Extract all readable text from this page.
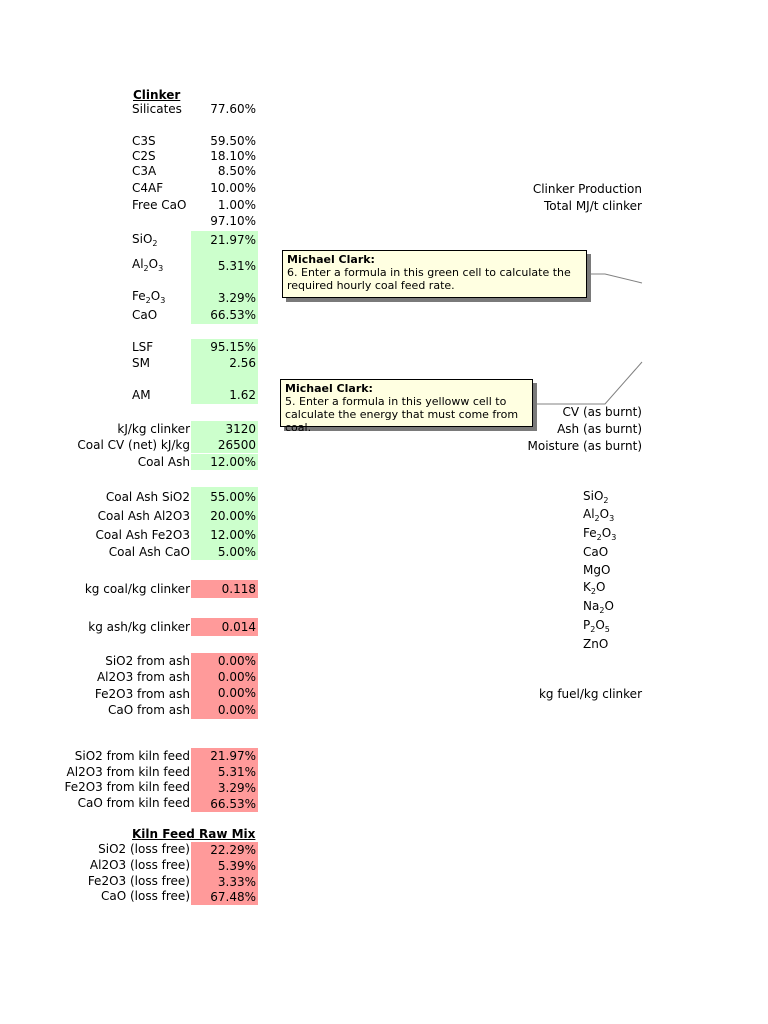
Clinker
Silicates	77.60%
C3S	59.50%
C2S	18.10%
C3A	8.50%
C4AF	10.00%
Free CaO	1.00%
97.10%
SiO$_2$	21.97%
$Al_2O_3$	5.31%
$Fe_2O_3$	3.29%
CaO	66.53%
LSF	95.15%
SM	2.56
AM	1.62
kJ/kg clinker	3120
Coal CV (net) kJ/kg	26500
Coal Ash	12.00%
Coal Ash SiO2	55.00%
Coal Ash Al2O3	20.00%
Coal Ash Fe2O3	12.00%
Coal Ash CaO	5.00%
kg coal/kg clinker	0.118
kg ash/kg clinker	0.014
SiO2 from ash	0.00%
Al2O3 from ash	0.00%
Fe2O3 from ash	0.00%
CaO from ash	0.00%
SiO2 from kiln feed	21.97%
Al2O3 from kiln feed	5.31%
Fe2O3 from kiln feed	3.29%
CaO from kiln feed	66.53%
Kiln Feed Raw Mix
SiO2 (loss free)	22.29%
Al2O3 (loss free)	5.39%
Fe2O3 (loss free)	3.33%
CaO (loss free)	67.48%
Clinker Production
Total MJ/t clinker
CV (as burnt)
Ash (as burnt)
Moisture (as burnt)
kg fuel/kg clinker
SiO$_2$
$Al_2O_3$
$Fe_2O_3$
CaO
MgO
$K_2O$
$Na_2O$
$P_2O_5$
ZnO
Michael Clark:
6. Enter a formula in this green cell to calculate the
required hourly coal feed rate.
Michael Clark:
5. Enter a formula in this yelloww cell to
calculate the energy that must come from coal.
